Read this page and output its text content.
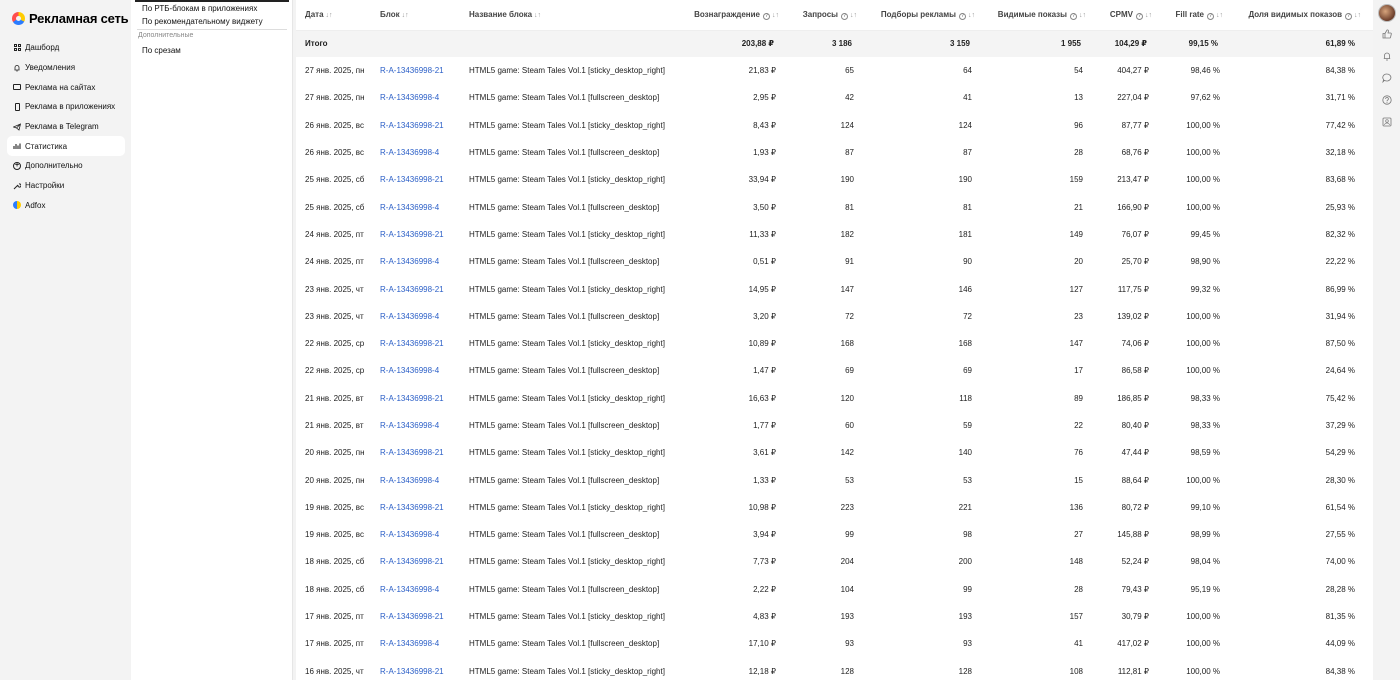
Рекламная сеть
Дашборд
Уведомления
Реклама на сайтах
Реклама в приложениях
Реклама в Telegram
Статистика
+ Дополнительно
Настройки
Adfox
По РТБ-блокам в приложениях
По рекомендательному виджету
Дополнительные
По срезам
Дата ↓↑	Блок ↓↑	Название блока ↓↑	Вознаграждение ? ↓↑	Запросы ? ↓↑	Подборы рекламы ? ↓↑	Видимые показы ? ↓↑	CPMV ? ↓↑	Fill rate ? ↓↑	Доля видимых показов ? ↓↑
Итого			203,88 ₽	3 186	3 159	1 955	104,29 ₽	99,15 %	61,89 %
27 янв. 2025, пн	R-A-13436998-21	HTML5 game: Steam Tales Vol.1 [sticky_desktop_right]	21,83 ₽	65	64	54	404,27 ₽	98,46 %	84,38 %
27 янв. 2025, пн	R-A-13436998-4	HTML5 game: Steam Tales Vol.1 [fullscreen_desktop]	2,95 ₽	42	41	13	227,04 ₽	97,62 %	31,71 %
26 янв. 2025, вс	R-A-13436998-21	HTML5 game: Steam Tales Vol.1 [sticky_desktop_right]	8,43 ₽	124	124	96	87,77 ₽	100,00 %	77,42 %
26 янв. 2025, вс	R-A-13436998-4	HTML5 game: Steam Tales Vol.1 [fullscreen_desktop]	1,93 ₽	87	87	28	68,76 ₽	100,00 %	32,18 %
25 янв. 2025, сб	R-A-13436998-21	HTML5 game: Steam Tales Vol.1 [sticky_desktop_right]	33,94 ₽	190	190	159	213,47 ₽	100,00 %	83,68 %
25 янв. 2025, сб	R-A-13436998-4	HTML5 game: Steam Tales Vol.1 [fullscreen_desktop]	3,50 ₽	81	81	21	166,90 ₽	100,00 %	25,93 %
24 янв. 2025, пт	R-A-13436998-21	HTML5 game: Steam Tales Vol.1 [sticky_desktop_right]	11,33 ₽	182	181	149	76,07 ₽	99,45 %	82,32 %
24 янв. 2025, пт	R-A-13436998-4	HTML5 game: Steam Tales Vol.1 [fullscreen_desktop]	0,51 ₽	91	90	20	25,70 ₽	98,90 %	22,22 %
23 янв. 2025, чт	R-A-13436998-21	HTML5 game: Steam Tales Vol.1 [sticky_desktop_right]	14,95 ₽	147	146	127	117,75 ₽	99,32 %	86,99 %
23 янв. 2025, чт	R-A-13436998-4	HTML5 game: Steam Tales Vol.1 [fullscreen_desktop]	3,20 ₽	72	72	23	139,02 ₽	100,00 %	31,94 %
22 янв. 2025, ср	R-A-13436998-21	HTML5 game: Steam Tales Vol.1 [sticky_desktop_right]	10,89 ₽	168	168	147	74,06 ₽	100,00 %	87,50 %
22 янв. 2025, ср	R-A-13436998-4	HTML5 game: Steam Tales Vol.1 [fullscreen_desktop]	1,47 ₽	69	69	17	86,58 ₽	100,00 %	24,64 %
21 янв. 2025, вт	R-A-13436998-21	HTML5 game: Steam Tales Vol.1 [sticky_desktop_right]	16,63 ₽	120	118	89	186,85 ₽	98,33 %	75,42 %
21 янв. 2025, вт	R-A-13436998-4	HTML5 game: Steam Tales Vol.1 [fullscreen_desktop]	1,77 ₽	60	59	22	80,40 ₽	98,33 %	37,29 %
20 янв. 2025, пн	R-A-13436998-21	HTML5 game: Steam Tales Vol.1 [sticky_desktop_right]	3,61 ₽	142	140	76	47,44 ₽	98,59 %	54,29 %
20 янв. 2025, пн	R-A-13436998-4	HTML5 game: Steam Tales Vol.1 [fullscreen_desktop]	1,33 ₽	53	53	15	88,64 ₽	100,00 %	28,30 %
19 янв. 2025, вс	R-A-13436998-21	HTML5 game: Steam Tales Vol.1 [sticky_desktop_right]	10,98 ₽	223	221	136	80,72 ₽	99,10 %	61,54 %
19 янв. 2025, вс	R-A-13436998-4	HTML5 game: Steam Tales Vol.1 [fullscreen_desktop]	3,94 ₽	99	98	27	145,88 ₽	98,99 %	27,55 %
18 янв. 2025, сб	R-A-13436998-21	HTML5 game: Steam Tales Vol.1 [sticky_desktop_right]	7,73 ₽	204	200	148	52,24 ₽	98,04 %	74,00 %
18 янв. 2025, сб	R-A-13436998-4	HTML5 game: Steam Tales Vol.1 [fullscreen_desktop]	2,22 ₽	104	99	28	79,43 ₽	95,19 %	28,28 %
17 янв. 2025, пт	R-A-13436998-21	HTML5 game: Steam Tales Vol.1 [sticky_desktop_right]	4,83 ₽	193	193	157	30,79 ₽	100,00 %	81,35 %
17 янв. 2025, пт	R-A-13436998-4	HTML5 game: Steam Tales Vol.1 [fullscreen_desktop]	17,10 ₽	93	93	41	417,02 ₽	100,00 %	44,09 %
16 янв. 2025, чт	R-A-13436998-21	HTML5 game: Steam Tales Vol.1 [sticky_desktop_right]	12,18 ₽	128	128	108	112,81 ₽	100,00 %	84,38 %
